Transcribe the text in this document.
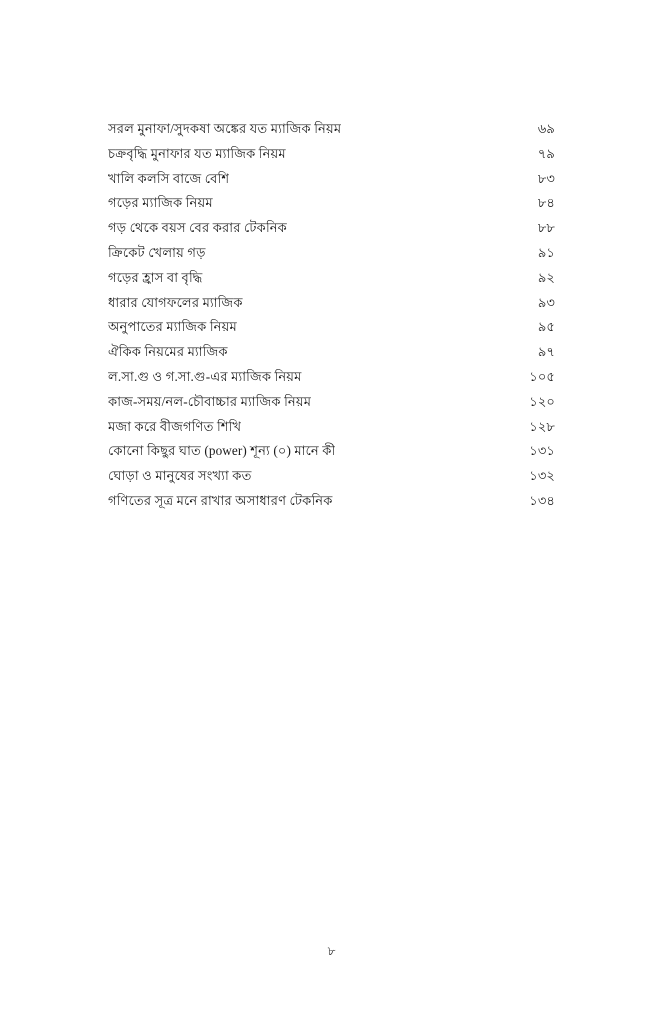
সরল মুনাফা/সুদকষা অঙ্কের যত ম্যাজিক নিয়ম	৬৯
চক্রবৃদ্ধি মুনাফার যত ম্যাজিক নিয়ম	৭৯
খালি কলসি বাজে বেশি	৮৩
গড়ের ম্যাজিক নিয়ম	৮৪
গড় থেকে বয়স বের করার টেকনিক	৮৮
ক্রিকেট খেলায় গড়	৯১
গড়ের হ্রাস বা বৃদ্ধি	৯২
ধারার যোগফলের ম্যাজিক	৯৩
অনুপাতের ম্যাজিক নিয়ম	৯৫
ঐকিক নিয়মের ম্যাজিক	৯৭
ল.সা.গু ও গ.সা.গু-এর ম্যাজিক নিয়ম	১০৫
কাজ-সময়/নল-চৌবাচ্চার ম্যাজিক নিয়ম	১২০
মজা করে বীজগণিত শিখি	১২৮
কোনো কিছুর ঘাত (power) শূন্য (০) মানে কী	১৩১
ঘোড়া ও মানুষের সংখ্যা কত	১৩২
গণিতের সূত্র মনে রাখার অসাধারণ টেকনিক	১৩৪
৮
